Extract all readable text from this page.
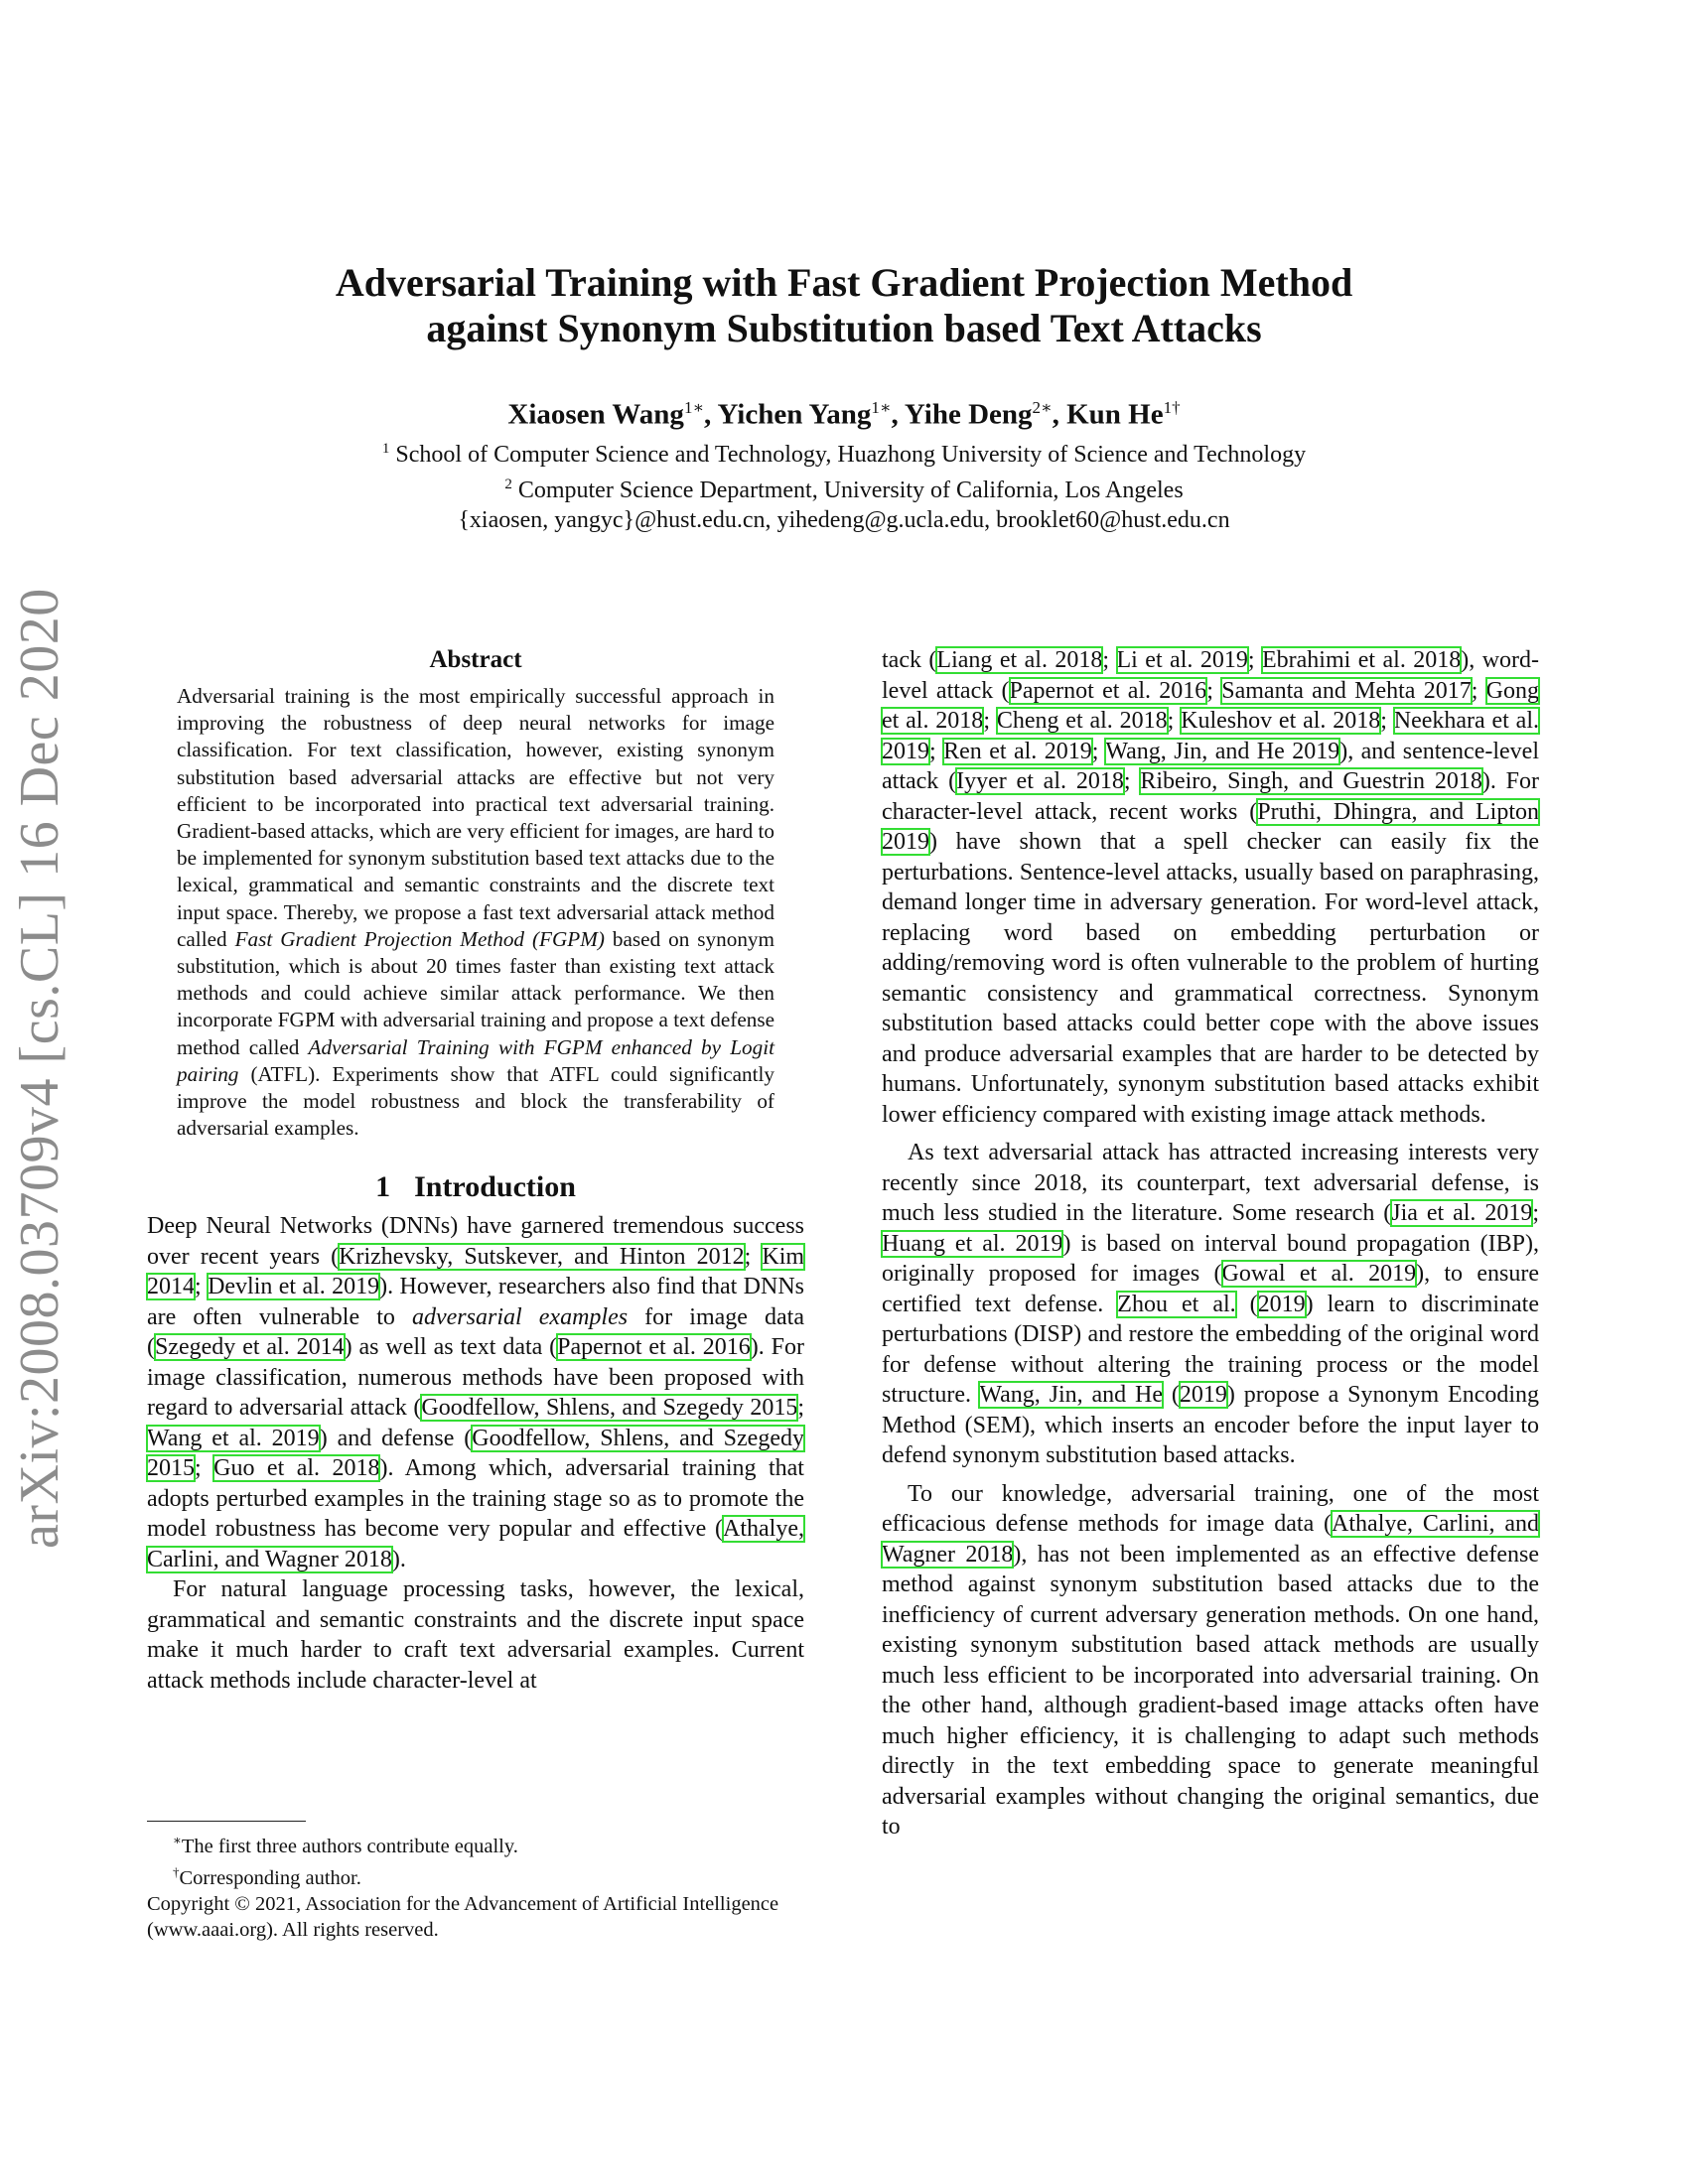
arXiv:2008.03709v4 [cs.CL] 16 Dec 2020
Adversarial Training with Fast Gradient Projection Method
against Synonym Substitution based Text Attacks
Xiaosen Wang$^{1∗}$, Yichen Yang$^{1∗}$, Yihe Deng$^{2∗}$, Kun $He^{1\dagger}$
$^1$ School of Computer Science and Technology, Huazhong University of Science and Technology
$^2$ Computer Science Department, University of California, Los Angeles
{xiaosen, yangyc}@hust.edu.cn, yihedeng@g.ucla.edu, brooklet60@hust.edu.cn
Abstract
Adversarial training is the most empirically successful approach in improving the robustness of deep neural networks for image classification. For text classification, however, existing synonym substitution based adversarial attacks are effective but not very efficient to be incorporated into practical text adversarial training. Gradient-based attacks, which are very efficient for images, are hard to be implemented for synonym substitution based text attacks due to the lexical, grammatical and semantic constraints and the discrete text input space. Thereby, we propose a fast text adversarial attack method called Fast Gradient Projection Method (FGPM) based on synonym substitution, which is about 20 times faster than existing text attack methods and could achieve similar attack performance. We then incorporate FGPM with adversarial training and propose a text defense method called Adversarial Training with FGPM enhanced by Logit pairing (ATFL). Experiments show that ATFL could significantly improve the model robustness and block the transferability of adversarial examples.
1 Introduction

Deep Neural Networks (DNNs) have garnered tremendous success over recent years (Krizhevsky, Sutskever, and Hinton 2012; Kim 2014; Devlin et al. 2019). However, researchers also find that DNNs are often vulnerable to adversarial examples for image data (Szegedy et al. 2014) as well as text data (Papernot et al. 2016). For image classification, numerous methods have been proposed with regard to adversarial attack (Goodfellow, Shlens, and Szegedy 2015; Wang et al. 2019) and defense (Goodfellow, Shlens, and Szegedy 2015; Guo et al. 2018). Among which, adversarial training that adopts perturbed examples in the training stage so as to promote the model robustness has become very popular and effective (Athalye, Carlini, and Wagner 2018).

For natural language processing tasks, however, the lexical, grammatical and semantic constraints and the discrete input space make it much harder to craft text adversarial examples. Current attack methods include character-level at

∗The first three authors contribute equally.
†Corresponding author.
Copyright © 2021, Association for the Advancement of Artificial Intelligence (www.aaai.org). All rights reserved.

tack (Liang et al. 2018; Li et al. 2019; Ebrahimi et al. 2018), word-level attack (Papernot et al. 2016; Samanta and Mehta 2017; Gong et al. 2018; Cheng et al. 2018; Kuleshov et al. 2018; Neekhara et al. 2019; Ren et al. 2019; Wang, Jin, and He 2019), and sentence-level attack (Iyyer et al. 2018; Ribeiro, Singh, and Guestrin 2018). For character-level attack, recent works (Pruthi, Dhingra, and Lipton 2019) have shown that a spell checker can easily fix the perturbations. Sentence-level attacks, usually based on paraphrasing, demand longer time in adversary generation. For word-level attack, replacing word based on embedding perturbation or adding/removing word is often vulnerable to the problem of hurting semantic consistency and grammatical correctness. Synonym substitution based attacks could better cope with the above issues and produce adversarial examples that are harder to be detected by humans. Unfortunately, synonym substitution based attacks exhibit lower efficiency compared with existing image attack methods.

As text adversarial attack has attracted increasing interests very recently since 2018, its counterpart, text adversarial defense, is much less studied in the literature. Some research (Jia et al. 2019; Huang et al. 2019) is based on interval bound propagation (IBP), originally proposed for images (Gowal et al. 2019), to ensure certified text defense. Zhou et al. (2019) learn to discriminate perturbations (DISP) and restore the embedding of the original word for defense without altering the training process or the model structure. Wang, Jin, and He (2019) propose a Synonym Encoding Method (SEM), which inserts an encoder before the input layer to defend synonym substitution based attacks.

To our knowledge, adversarial training, one of the most efficacious defense methods for image data (Athalye, Carlini, and Wagner 2018), has not been implemented as an effective defense method against synonym substitution based attacks due to the inefficiency of current adversary generation methods. On one hand, existing synonym substitution based attack methods are usually much less efficient to be incorporated into adversarial training. On the other hand, although gradient-based image attacks often have much higher efficiency, it is challenging to adapt such methods directly in the text embedding space to generate meaningful adversarial examples without changing the original semantics, due to
